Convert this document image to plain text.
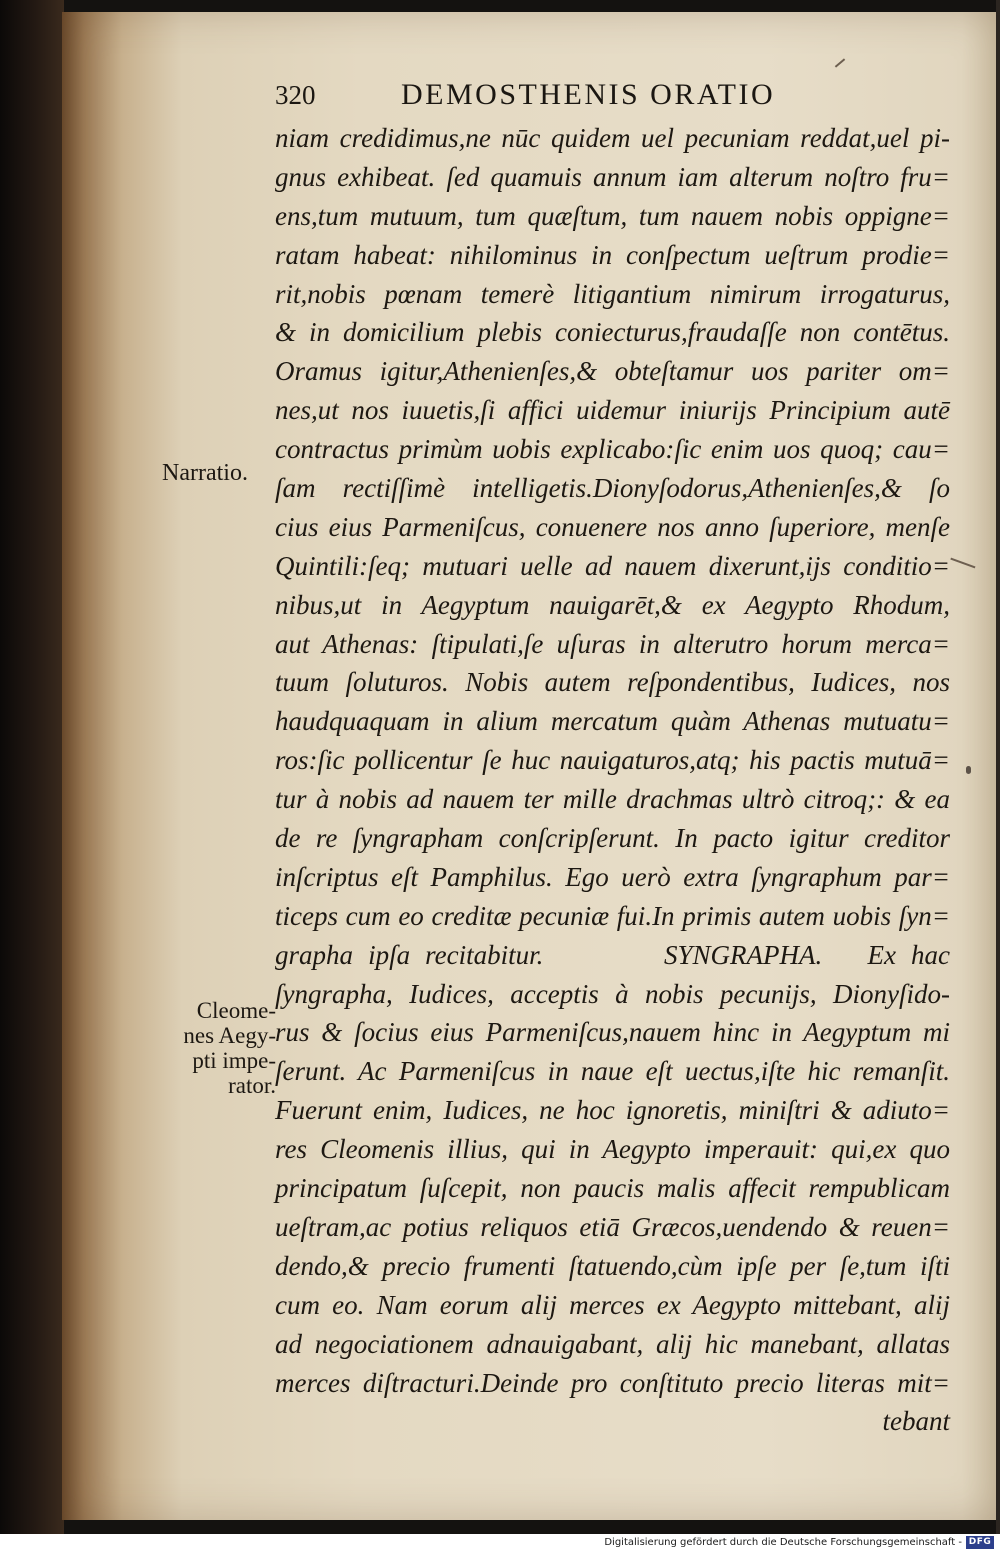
320	DEMOSTHENIS ORATIO
niam credidimus,ne nūc quidem uel pecuniam reddat,uel pi-
gnus exhibeat. ſed quamuis annum iam alterum noſtro fru=
ens,tum mutuum, tum quæſtum, tum nauem nobis oppigne=
ratam habeat: nihilominus in conſpectum ueſtrum prodie=
rit,nobis pœnam temerè litigantium nimirum irrogaturus,
& in domicilium plebis coniecturus,fraudaſſe non contētus.
Oramus igitur,Athenienſes,& obteſtamur uos pariter om=
nes,ut nos iuuetis,ſi affici uidemur iniurijs Principium autē
contractus primùm uobis explicabo:ſic enim uos quoq; cau=
ſam rectiſſimè intelligetis.Dionyſodorus,Athenienſes,& ſo
cius eius Parmeniſcus, conuenere nos anno ſuperiore, menſe
Quintili:ſeq; mutuari uelle ad nauem dixerunt,ijs conditio=
nibus,ut in Aegyptum nauigarēt,& ex Aegypto Rhodum,
aut Athenas: ſtipulati,ſe uſuras in alterutro horum merca=
tuum ſoluturos. Nobis autem reſpondentibus, Iudices, nos
haudquaquam in alium mercatum quàm Athenas mutuatu=
ros:ſic pollicentur ſe huc nauigaturos,atq; his pactis mutuā=
tur à nobis ad nauem ter mille drachmas ultrò citroq;: & ea
de re ſyngrapham conſcripſerunt. In pacto igitur creditor
inſcriptus eſt Pamphilus. Ego uerò extra ſyngraphum par=
ticeps cum eo creditæ pecuniæ fui.In primis autem uobis ſyn=
grapha ipſa recitabitur.        SYNGRAPHA.   Ex hac
ſyngrapha, Iudices, acceptis à nobis pecunijs, Dionyſido-
rus & ſocius eius Parmeniſcus,nauem hinc in Aegyptum mi
ſerunt. Ac Parmeniſcus in naue eſt uectus,iſte hic remanſit.
Fuerunt enim, Iudices, ne hoc ignoretis, miniſtri & adiuto=
res Cleomenis illius, qui in Aegypto imperauit: qui,ex quo
principatum ſuſcepit, non paucis malis affecit rempublicam
ueſtram,ac potius reliquos etiā Græcos,uendendo & reuen=
dendo,& precio frumenti ſtatuendo,cùm ipſe per ſe,tum iſti
cum eo. Nam eorum alij merces ex Aegypto mittebant, alij
ad negociationem adnauigabant, alij hic manebant, allatas
merces diſtracturi.Deinde pro conſtituto precio literas mit=
tebant
Narratio.
Cleome-
nes Aegy-
pti impe-
rator.
Digitalisierung gefördert durch die Deutsche Forschungsgemeinschaft - DFG
